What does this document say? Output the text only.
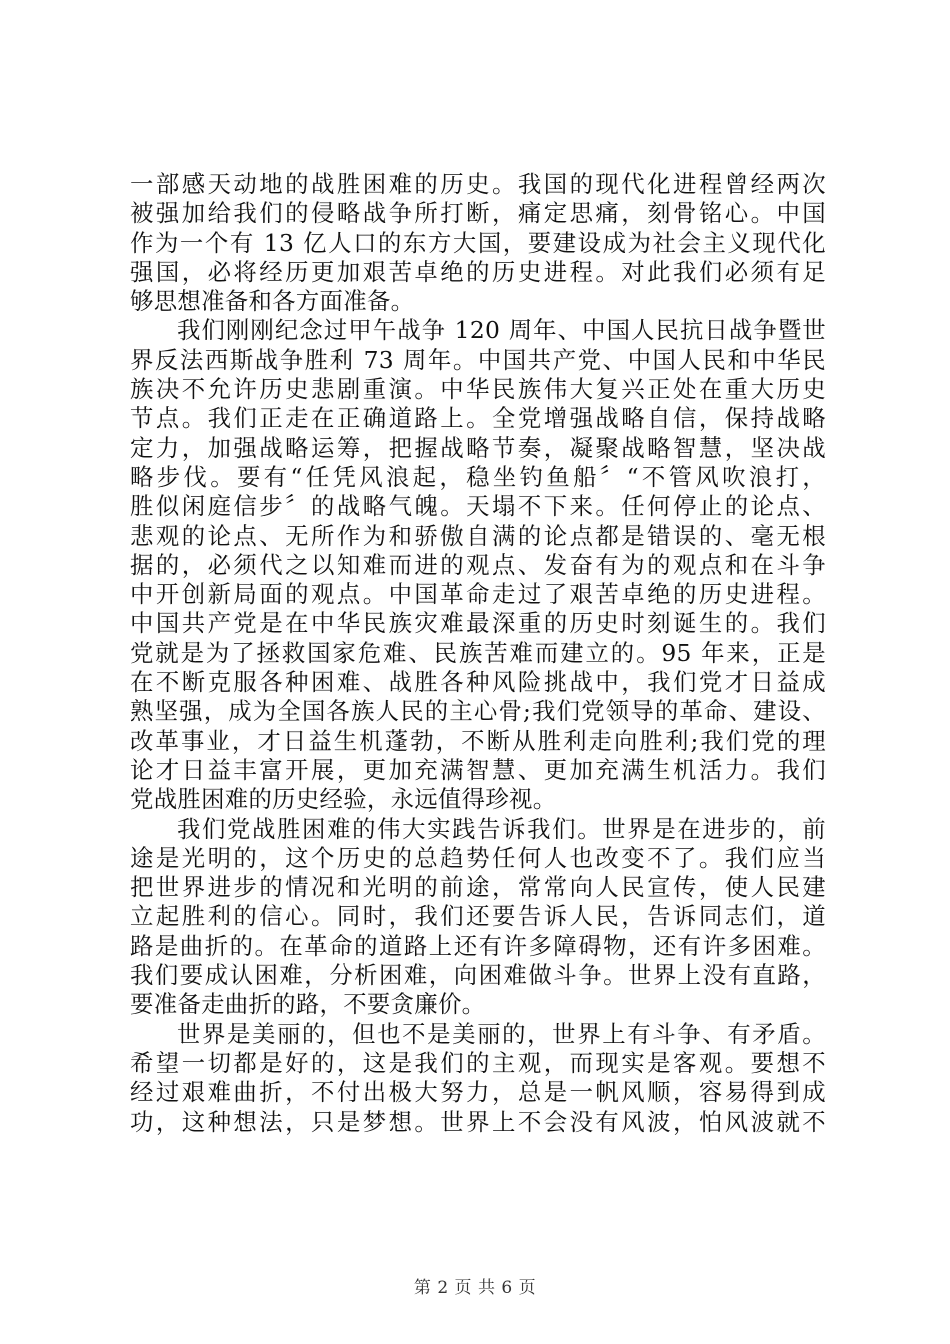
一部感天动地的战胜困难的历史。我国的现代化进程曾经两次
被强加给我们的侵略战争所打断，痛定思痛，刻骨铭心。中国
作为一个有 13 亿人口的东方大国，要建设成为社会主义现代化
强国，必将经历更加艰苦卓绝的历史进程。对此我们必须有足
够思想准备和各方面准备。
我们刚刚纪念过甲午战争 120 周年、中国人民抗日战争暨世
界反法西斯战争胜利 73 周年。中国共产党、中国人民和中华民
族决不允许历史悲剧重演。中华民族伟大复兴正处在重大历史
节点。我们正走在正确道路上。全党增强战略自信，保持战略
定力，加强战略运筹，把握战略节奏，凝聚战略智慧，坚决战
略步伐。要有“任凭风浪起，稳坐钓鱼船〞“不管风吹浪打，
胜似闲庭信步〞的战略气魄。天塌不下来。任何停止的论点、
悲观的论点、无所作为和骄傲自满的论点都是错误的、毫无根
据的，必须代之以知难而进的观点、发奋有为的观点和在斗争
中开创新局面的观点。中国革命走过了艰苦卓绝的历史进程。
中国共产党是在中华民族灾难最深重的历史时刻诞生的。我们
党就是为了拯救国家危难、民族苦难而建立的。95 年来，正是
在不断克服各种困难、战胜各种风险挑战中，我们党才日益成
熟坚强，成为全国各族人民的主心骨;我们党领导的革命、建设、
改革事业，才日益生机蓬勃，不断从胜利走向胜利;我们党的理
论才日益丰富开展，更加充满智慧、更加充满生机活力。我们
党战胜困难的历史经验，永远值得珍视。
我们党战胜困难的伟大实践告诉我们。世界是在进步的，前
途是光明的，这个历史的总趋势任何人也改变不了。我们应当
把世界进步的情况和光明的前途，常常向人民宣传，使人民建
立起胜利的信心。同时，我们还要告诉人民，告诉同志们，道
路是曲折的。在革命的道路上还有许多障碍物，还有许多困难。
我们要成认困难，分析困难，向困难做斗争。世界上没有直路，
要准备走曲折的路，不要贪廉价。
世界是美丽的，但也不是美丽的，世界上有斗争、有矛盾。
希望一切都是好的，这是我们的主观，而现实是客观。要想不
经过艰难曲折，不付出极大努力，总是一帆风顺，容易得到成
功，这种想法，只是梦想。世界上不会没有风波，怕风波就不
第 2 页 共 6 页
